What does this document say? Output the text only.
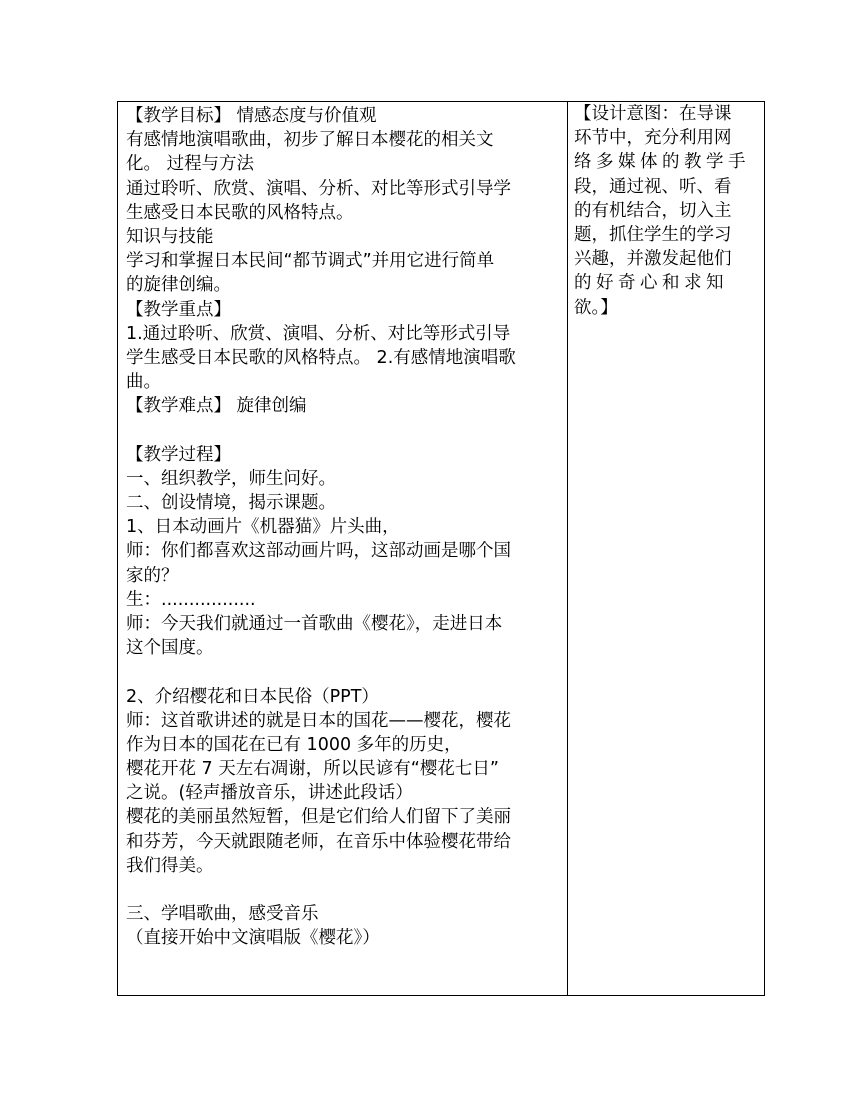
【教学目标】 情感态度与价值观
有感情地演唱歌曲，初步了解日本樱花的相关文
化。 过程与方法
通过聆听、欣赏、演唱、分析、对比等形式引导学
生感受日本民歌的风格特点。
知识与技能
学习和掌握日本民间“都节调式”并用它进行简单
的旋律创编。
【教学重点】
1.通过聆听、欣赏、演唱、分析、对比等形式引导
学生感受日本民歌的风格特点。 2.有感情地演唱歌
曲。
【教学难点】 旋律创编
【教学过程】
一、组织教学，师生问好。
二、创设情境，揭示课题。
1、日本动画片《机器猫》片头曲，
师：你们都喜欢这部动画片吗，这部动画是哪个国
家的？
生：.................
师：今天我们就通过一首歌曲《樱花》，走进日本
这个国度。
2、介绍樱花和日本民俗（PPT）
师：这首歌讲述的就是日本的国花——樱花，樱花
作为日本的国花在已有 1000 多年的历史，
樱花开花 7 天左右凋谢，所以民谚有“樱花七日”
之说。(轻声播放音乐，讲述此段话）
樱花的美丽虽然短暂，但是它们给人们留下了美丽
和芬芳，今天就跟随老师，在音乐中体验樱花带给
我们得美。
三、学唱歌曲，感受音乐
（直接开始中文演唱版《樱花》）

【设计意图：在导课
环节中，充分利用网
络多媒体的教学手
段，通过视、听、看
的有机结合，切入主
题，抓住学生的学习
兴趣，并激发起他们
的好奇心和求知
欲。】
